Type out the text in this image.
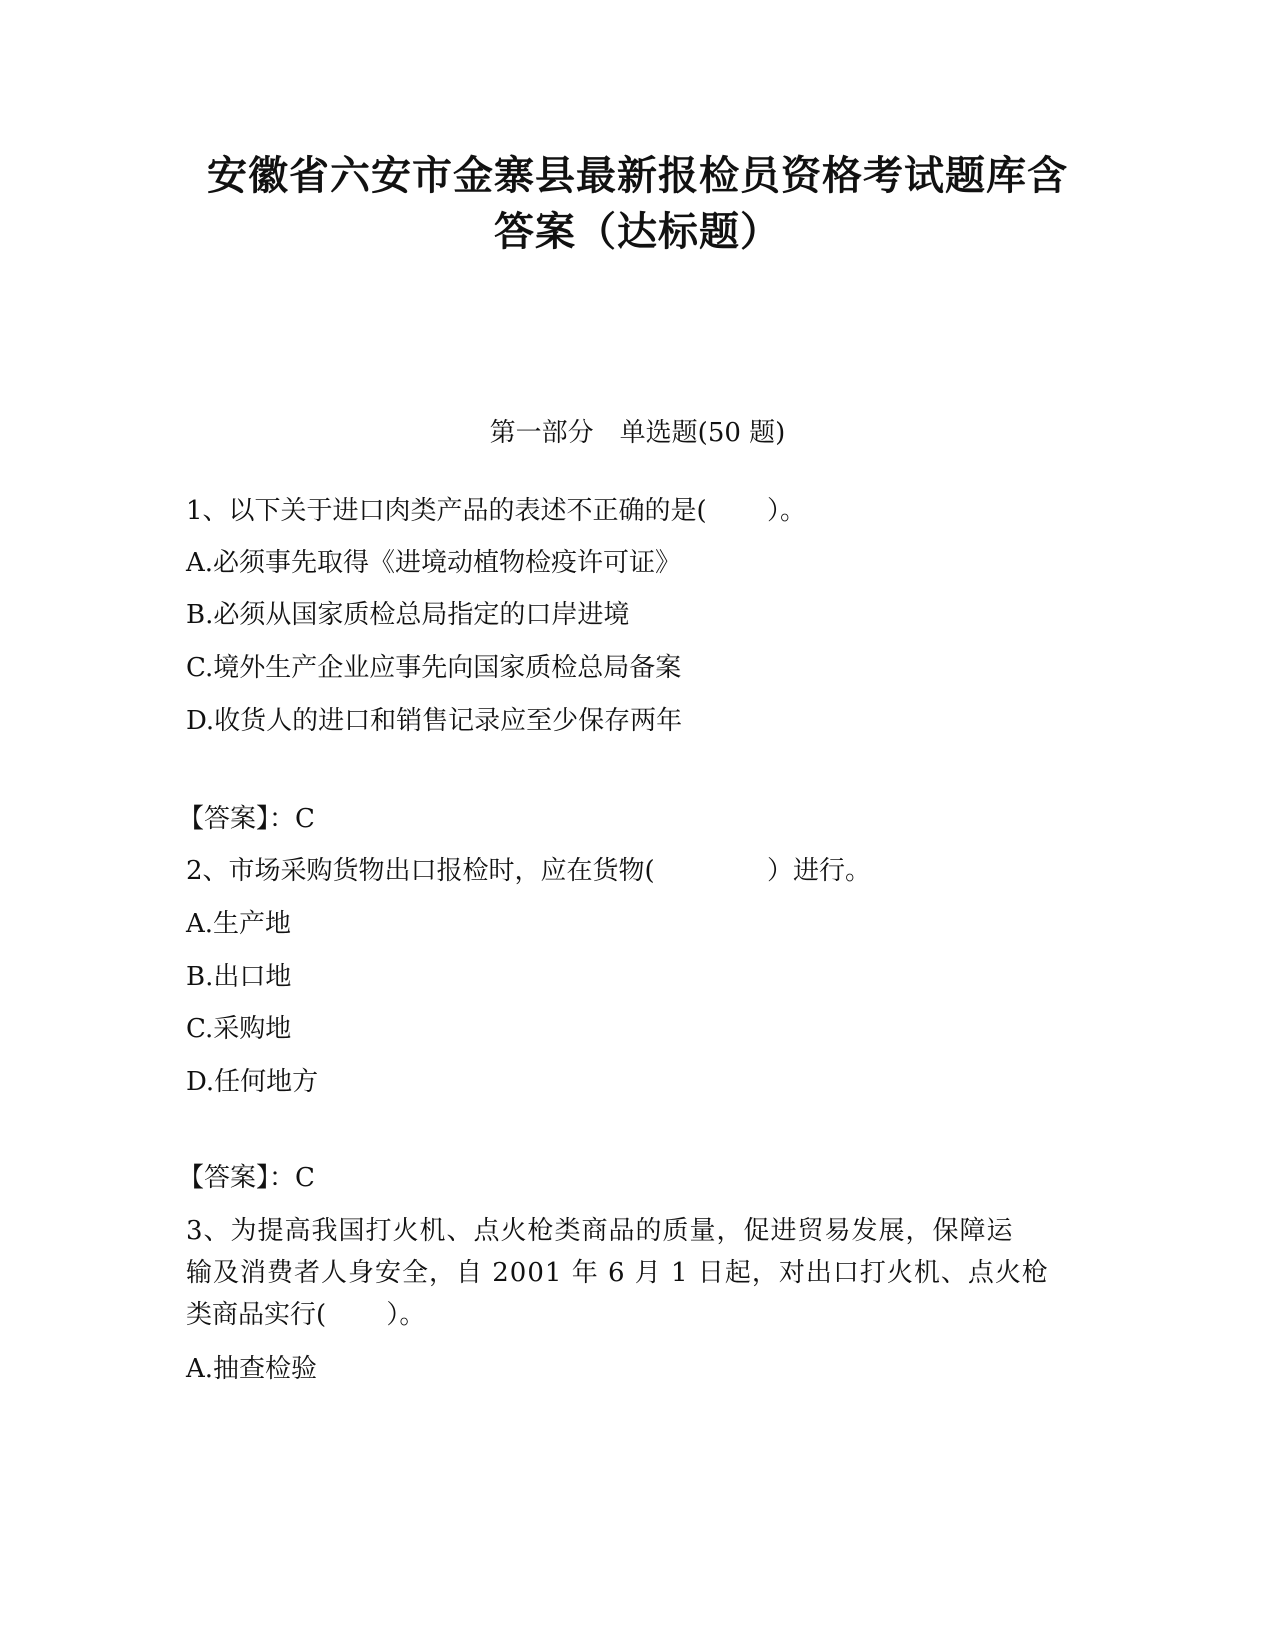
安徽省六安市金寨县最新报检员资格考试题库含
答案（达标题）
第一部分　单选题(50 题)
1、以下关于进口肉类产品的表述不正确的是(　　 ）。
A.必须事先取得《进境动植物检疫许可证》
B.必须从国家质检总局指定的口岸进境
C.境外生产企业应事先向国家质检总局备案
D.收货人的进口和销售记录应至少保存两年
【答案】：C
2、市场采购货物出口报检时，应在货物(　　　　 ）进行。
A.生产地
B.出口地
C.采购地
D.任何地方
【答案】：C
3、为提高我国打火机、点火枪类商品的质量，促进贸易发展，保障运
输及消费者人身安全，自 2001 年 6 月 1 日起，对出口打火机、点火枪
类商品实行(　　 ）。
A.抽查检验
